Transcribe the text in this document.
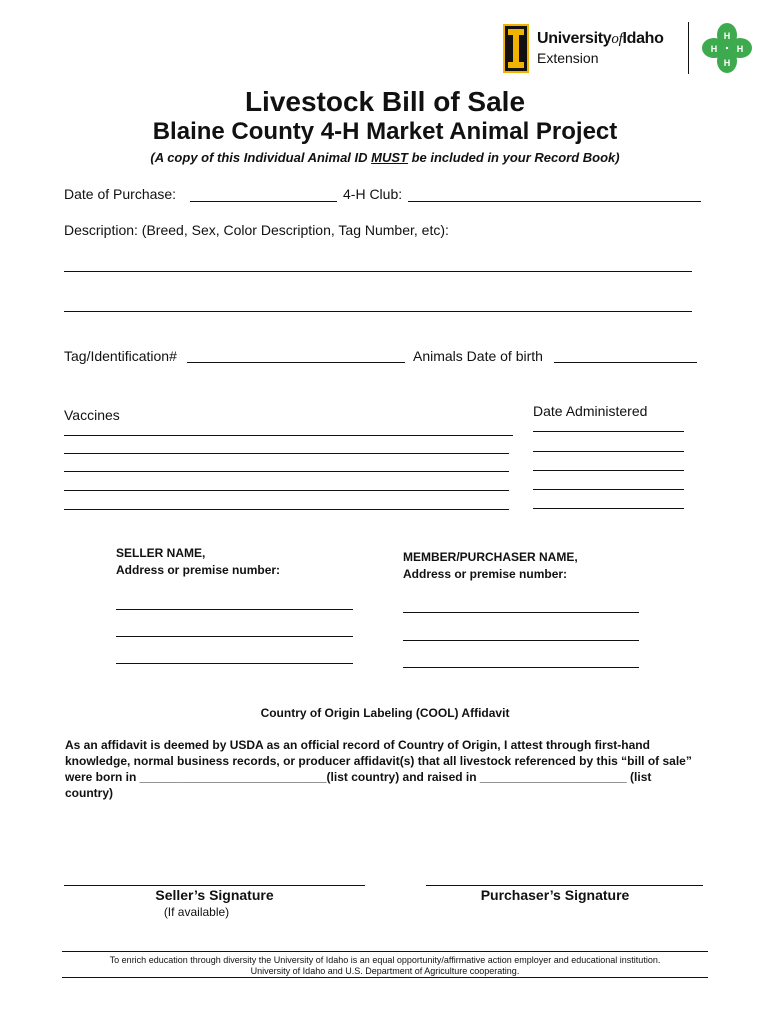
UniversityofIdaho
Extension
H
H
H H
Livestock Bill of Sale
Blaine County 4-H Market Animal Project
(A copy of this Individual Animal ID MUST be included in your Record Book)
Date of Purchase:	4-H Club:
Description: (Breed, Sex, Color Description, Tag Number, etc):
Tag/Identification#	Animals Date of birth
Vaccines	Date Administered
SELLER NAME,
Address or premise number:
MEMBER/PURCHASER NAME,
Address or premise number:
Country of Origin Labeling (COOL) Affidavit
As an affidavit is deemed by USDA as an official record of Country of Origin, I attest through first-hand knowledge, normal business records, or producer affidavit(s) that all livestock referenced by this “bill of sale” were born in ____________________________(list country) and raised in ______________________ (list country)
Seller’s Signature
(If available)
Purchaser’s Signature
To enrich education through diversity the University of Idaho is an equal opportunity/affirmative action employer and educational institution.
University of Idaho and U.S. Department of Agriculture cooperating.
